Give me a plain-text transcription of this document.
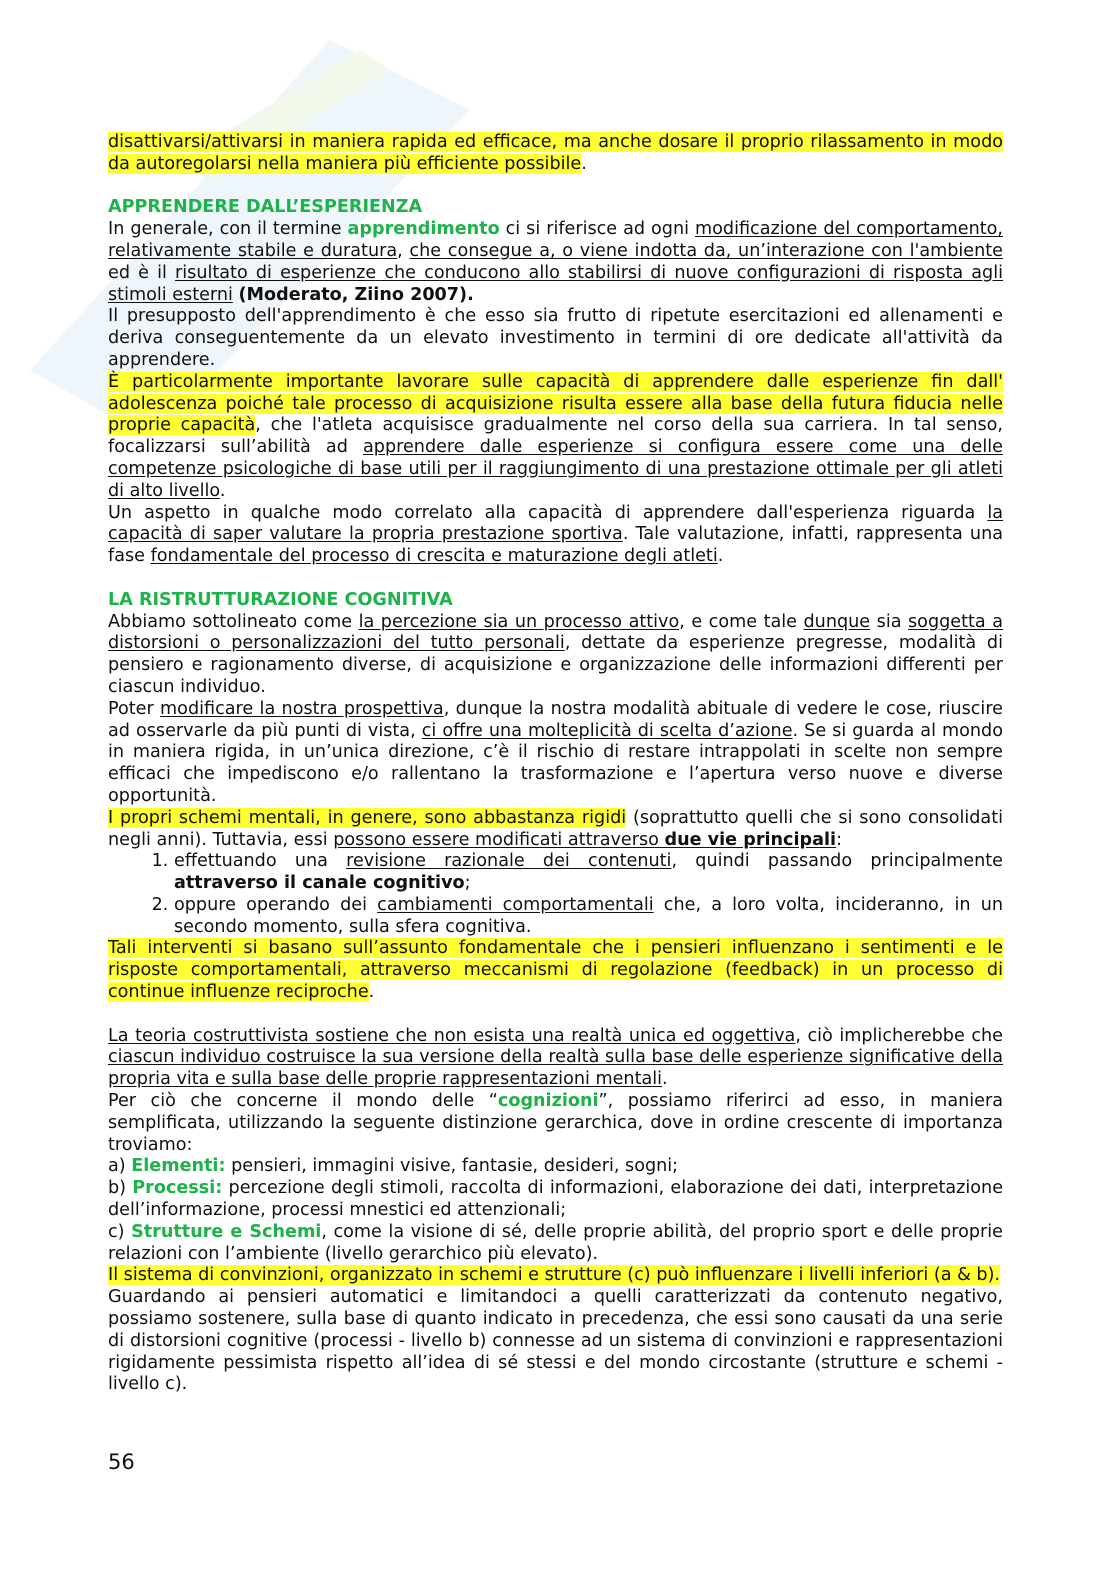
disattivarsi/attivarsi in maniera rapida ed efficace, ma anche dosare il proprio rilassamento in modo da autoregolarsi nella maniera più efficiente possibile.

APPRENDERE DALL’ESPERIENZA

In generale, con il termine apprendimento ci si riferisce ad ogni modificazione del comportamento, relativamente stabile e duratura, che consegue a, o viene indotta da, un’interazione con l'ambiente ed è il risultato di esperienze che conducono allo stabilirsi di nuove configurazioni di risposta agli stimoli esterni (Moderato, Ziino 2007).

Il presupposto dell'apprendimento è che esso sia frutto di ripetute esercitazioni ed allenamenti e deriva conseguentemente da un elevato investimento in termini di ore dedicate all'attività da apprendere.

È particolarmente importante lavorare sulle capacità di apprendere dalle esperienze fin dall' adolescenza poiché tale processo di acquisizione risulta essere alla base della futura fiducia nelle proprie capacità, che l'atleta acquisisce gradualmente nel corso della sua carriera. In tal senso, focalizzarsi sull’abilità ad apprendere dalle esperienze si configura essere come una delle competenze psicologiche di base utili per il raggiungimento di una prestazione ottimale per gli atleti di alto livello.

Un aspetto in qualche modo correlato alla capacità di apprendere dall'esperienza riguarda la capacità di saper valutare la propria prestazione sportiva. Tale valutazione, infatti, rappresenta una fase fondamentale del processo di crescita e maturazione degli atleti.

LA RISTRUTTURAZIONE COGNITIVA

Abbiamo sottolineato come la percezione sia un processo attivo, e come tale dunque sia soggetta a distorsioni o personalizzazioni del tutto personali, dettate da esperienze pregresse, modalità di pensiero e ragionamento diverse, di acquisizione e organizzazione delle informazioni differenti per ciascun individuo.

Poter modificare la nostra prospettiva, dunque la nostra modalità abituale di vedere le cose, riuscire ad osservarle da più punti di vista, ci offre una molteplicità di scelta d’azione. Se si guarda al mondo in maniera rigida, in un’unica direzione, c’è il rischio di restare intrappolati in scelte non sempre efficaci che impediscono e/o rallentano la trasformazione e l’apertura verso nuove e diverse opportunità.

I propri schemi mentali, in genere, sono abbastanza rigidi (soprattutto quelli che si sono consolidati negli anni). Tuttavia, essi possono essere modificati attraverso due vie principali:

1. effettuando una revisione razionale dei contenuti, quindi passando principalmente attraverso il canale cognitivo;
2. oppure operando dei cambiamenti comportamentali che, a loro volta, incideranno, in un secondo momento, sulla sfera cognitiva.

Tali interventi si basano sull’assunto fondamentale che i pensieri influenzano i sentimenti e le risposte comportamentali, attraverso meccanismi di regolazione (feedback) in un processo di continue influenze reciproche.

La teoria costruttivista sostiene che non esista una realtà unica ed oggettiva, ciò implicherebbe che ciascun individuo costruisce la sua versione della realtà sulla base delle esperienze significative della propria vita e sulla base delle proprie rappresentazioni mentali.

Per ciò che concerne il mondo delle “cognizioni”, possiamo riferirci ad esso, in maniera semplificata, utilizzando la seguente distinzione gerarchica, dove in ordine crescente di importanza troviamo:

a) Elementi: pensieri, immagini visive, fantasie, desideri, sogni;

b) Processi: percezione degli stimoli, raccolta di informazioni, elaborazione dei dati, interpretazione dell’informazione, processi mnestici ed attenzionali;

c) Strutture e Schemi, come la visione di sé, delle proprie abilità, del proprio sport e delle proprie relazioni con l’ambiente (livello gerarchico più elevato).

Il sistema di convinzioni, organizzato in schemi e strutture (c) può influenzare i livelli inferiori (a & b).

Guardando ai pensieri automatici e limitandoci a quelli caratterizzati da contenuto negativo, possiamo sostenere, sulla base di quanto indicato in precedenza, che essi sono causati da una serie di distorsioni cognitive (processi - livello b) connesse ad un sistema di convinzioni e rappresentazioni rigidamente pessimista rispetto all’idea di sé stessi e del mondo circostante (strutture e schemi - livello c).

56
